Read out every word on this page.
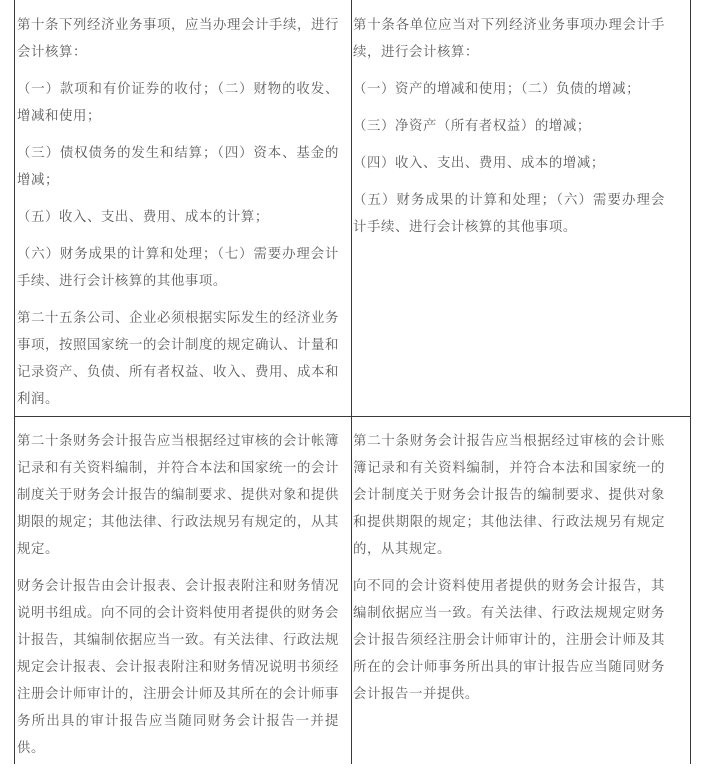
第十条下列经济业务事项，应当办理会计手续，进行会计核算：

（一）款项和有价证券的收付；（二）财物的收发、增减和使用；

（三）债权债务的发生和结算；（四）资本、基金的增减；

（五）收入、支出、费用、成本的计算；

（六）财务成果的计算和处理；（七）需要办理会计手续、进行会计核算的其他事项。

第二十五条公司、企业必须根据实际发生的经济业务事项，按照国家统一的会计制度的规定确认、计量和记录资产、负债、所有者权益、收入、费用、成本和利润。

第十条各单位应当对下列经济业务事项办理会计手续，进行会计核算：

（一）资产的增减和使用；（二）负债的增减；

（三）净资产（所有者权益）的增减；

（四）收入、支出、费用、成本的增减；

（五）财务成果的计算和处理；（六）需要办理会计手续、进行会计核算的其他事项。

第二十条财务会计报告应当根据经过审核的会计帐簿记录和有关资料编制，并符合本法和国家统一的会计制度关于财务会计报告的编制要求、提供对象和提供期限的规定；其他法律、行政法规另有规定的，从其规定。

财务会计报告由会计报表、会计报表附注和财务情况说明书组成。向不同的会计资料使用者提供的财务会计报告，其编制依据应当一致。有关法律、行政法规规定会计报表、会计报表附注和财务情况说明书须经注册会计师审计的，注册会计师及其所在的会计师事务所出具的审计报告应当随同财务会计报告一并提供。

第二十条财务会计报告应当根据经过审核的会计账簿记录和有关资料编制，并符合本法和国家统一的会计制度关于财务会计报告的编制要求、提供对象和提供期限的规定；其他法律、行政法规另有规定的，从其规定。

向不同的会计资料使用者提供的财务会计报告，其编制依据应当一致。有关法律、行政法规规定财务会计报告须经注册会计师审计的，注册会计师及其所在的会计师事务所出具的审计报告应当随同财务会计报告一并提供。
